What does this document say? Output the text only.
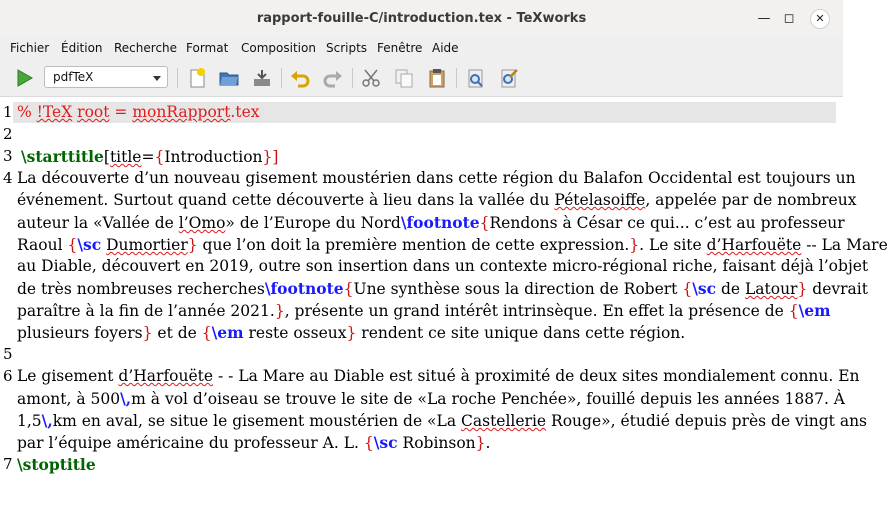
rapport-fouille-C/introduction.tex - TeXworks	—	◻	✕
Fichier Édition Recherche Format Composition Scripts Fenêtre Aide
pdfTeX
1
2
3
4
5
6
7
% !TeX root = monRapport.tex
\starttitle[title={Introduction}]
La découverte d’un nouveau gisement moustérien dans cette région du Balafon Occidental est toujours un
événement. Surtout quand cette découverte à lieu dans la vallée du Pételasoiffe, appelée par de nombreux
auteur la «Vallée de l’Omo» de l’Europe du Nord\footnote{Rendons à César ce qui... c’est au professeur
Raoul {\sc Dumortier} que l’on doit la première mention de cette expression.}. Le site d’Harfouëte -- La Mare
au Diable, découvert en 2019, outre son insertion dans un contexte micro-régional riche, faisant déjà l’objet
de très nombreuses recherches\footnote{Une synthèse sous la direction de Robert {\sc de Latour} devrait
paraître à la fin de l’année 2021.}, présente un grand intérêt intrinsèque. En effet la présence de {\em
plusieurs foyers} et de {\em reste osseux} rendent ce site unique dans cette région.
Le gisement d’Harfouëte - - La Mare au Diable est situé à proximité de deux sites mondialement connu. En
amont, à 500\,m à vol d’oiseau se trouve le site de «La roche Penchée», fouillé depuis les années 1887. À
1,5\,km en aval, se situe le gisement moustérien de «La Castellerie Rouge», étudié depuis près de vingt ans
par l’équipe américaine du professeur A. L. {\sc Robinson}.
\stoptitle
